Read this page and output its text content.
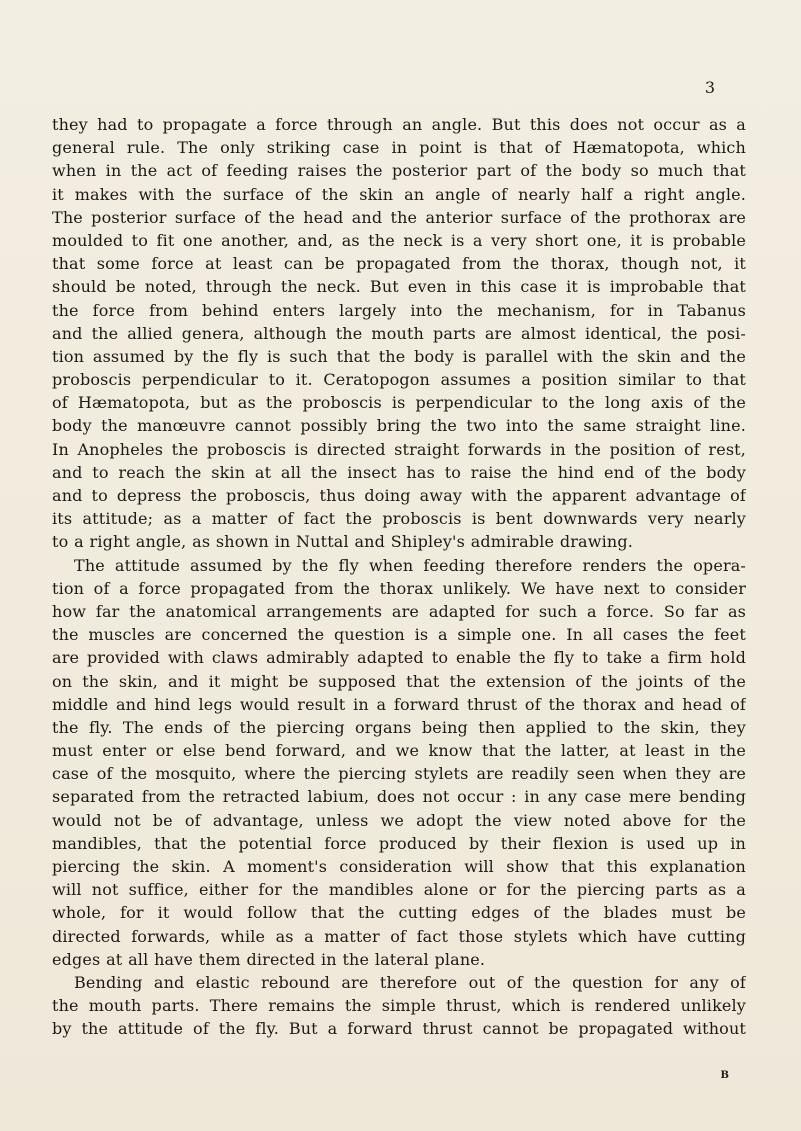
3
they had to propagate a force through an angle. But this does not occur as a
general rule. The only striking case in point is that of Hæmatopota, which
when in the act of feeding raises the posterior part of the body so much that
it makes with the surface of the skin an angle of nearly half a right angle.
The posterior surface of the head and the anterior surface of the prothorax are
moulded to fit one another, and, as the neck is a very short one, it is probable
that some force at least can be propagated from the thorax, though not, it
should be noted, through the neck. But even in this case it is improbable that
the force from behind enters largely into the mechanism, for in Tabanus
and the allied genera, although the mouth parts are almost identical, the posi-
tion assumed by the fly is such that the body is parallel with the skin and the
proboscis perpendicular to it. Ceratopogon assumes a position similar to that
of Hæmatopota, but as the proboscis is perpendicular to the long axis of the
body the manœuvre cannot possibly bring the two into the same straight line.
In Anopheles the proboscis is directed straight forwards in the position of rest,
and to reach the skin at all the insect has to raise the hind end of the body
and to depress the proboscis, thus doing away with the apparent advantage of
its attitude; as a matter of fact the proboscis is bent downwards very nearly
to a right angle, as shown in Nuttal and Shipley's admirable drawing.
The attitude assumed by the fly when feeding therefore renders the opera-
tion of a force propagated from the thorax unlikely. We have next to consider
how far the anatomical arrangements are adapted for such a force. So far as
the muscles are concerned the question is a simple one. In all cases the feet
are provided with claws admirably adapted to enable the fly to take a firm hold
on the skin, and it might be supposed that the extension of the joints of the
middle and hind legs would result in a forward thrust of the thorax and head of
the fly. The ends of the piercing organs being then applied to the skin, they
must enter or else bend forward, and we know that the latter, at least in the
case of the mosquito, where the piercing stylets are readily seen when they are
separated from the retracted labium, does not occur : in any case mere bending
would not be of advantage, unless we adopt the view noted above for the
mandibles, that the potential force produced by their flexion is used up in
piercing the skin. A moment's consideration will show that this explanation
will not suffice, either for the mandibles alone or for the piercing parts as a
whole, for it would follow that the cutting edges of the blades must be
directed forwards, while as a matter of fact those stylets which have cutting
edges at all have them directed in the lateral plane.
Bending and elastic rebound are therefore out of the question for any of
the mouth parts. There remains the simple thrust, which is rendered unlikely
by the attitude of the fly. But a forward thrust cannot be propagated without
B
